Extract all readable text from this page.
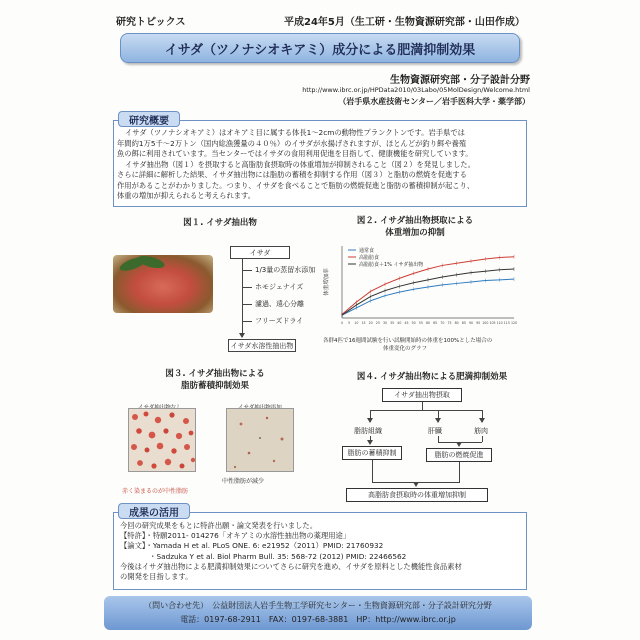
研究トピックス	平成24年5月（生工研・生物資源研究部・山田作成）
イサダ（ツノナシオキアミ）成分による肥満抑制効果
生物資源研究部・分子設計分野
http://www.ibrc.or.jp/HPData2010/03Labo/05MolDesign/Welcome.html
（岩手県水産技術センター／岩手医科大学・薬学部）
研究概要
イサダ（ツノナシオキアミ）はオキアミ目に属する体長1～2cmの動物性プランクトンです。岩手県では
年間約1万5千～2万トン（国内総漁獲量の４０％）のイサダが水揚げされますが、ほとんどが釣り餌や養殖
魚の餌に利用されています。当センターではイサダの食用利用促進を目指して、健康機能を研究しています。
イサダ抽出物（図１）を摂取すると高脂肪食摂取時の体重増加が抑制されること（図２）を発見しました。
さらに詳細に解析した結果、イサダ抽出物には脂肪の蓄積を抑制する作用（図３）と脂肪の燃焼を促進する
作用があることがわかりました。つまり、イサダを食べることで脂肪の燃焼促進と脂肪の蓄積抑制が起こり、
体重の増加が抑えられると考えられます。
図１. イサダ抽出物
イサダ
1/3量の蒸留水添加
ホモジェナイズ
濾過、遠心分離
フリーズドライ
イサダ水溶性抽出物
図２. イサダ抽出物摂取による
体重増加の抑制
体重増加率
0 5 10 15 20 25 30 35 40 45 50 55 60 65 70 75 80 85 90 95 100 105 110 115 120
通常食
高脂肪食
高脂肪食＋1% イサダ抽出物
各群4匹で16週間試験を行い試験開始時の体重を100%とした場合の
体重変化のグラフ
図３. イサダ抽出物による
脂肪蓄積抑制効果
中性脂肪が減少
赤く染まるのが中性脂肪
図４. イサダ抽出物による肥満抑制効果
イサダ抽出物摂取
脂肪組織	肝臓	筋肉
脂肪の蓄積抑制	脂肪の燃焼促進
高脂肪食摂取時の体重増加抑制
成果の活用
今回の研究成果をもとに特許出願・論文発表を行いました。
【特許】・特願2011- 014276「オキアミの水溶性抽出物の薬理用途」
【論文】・Yamada H et al. PLoS ONE. 6: e21952（2011）PMID: 21760932
　　　　・Sadzuka Y et al. Biol Pharm Bull. 35: 568-72 (2012) PMID: 22466562
今後はイサダ抽出物による肥満抑制効果についてさらに研究を進め、イサダを原料とした機能性食品素材
の開発を目指します。
（問い合わせ先）　公益財団法人岩手生物工学研究センター・生物資源研究部・分子設計研究分野
電話：0197-68-2911　FAX：0197-68-3881　HP：http://www.ibrc.or.jp
